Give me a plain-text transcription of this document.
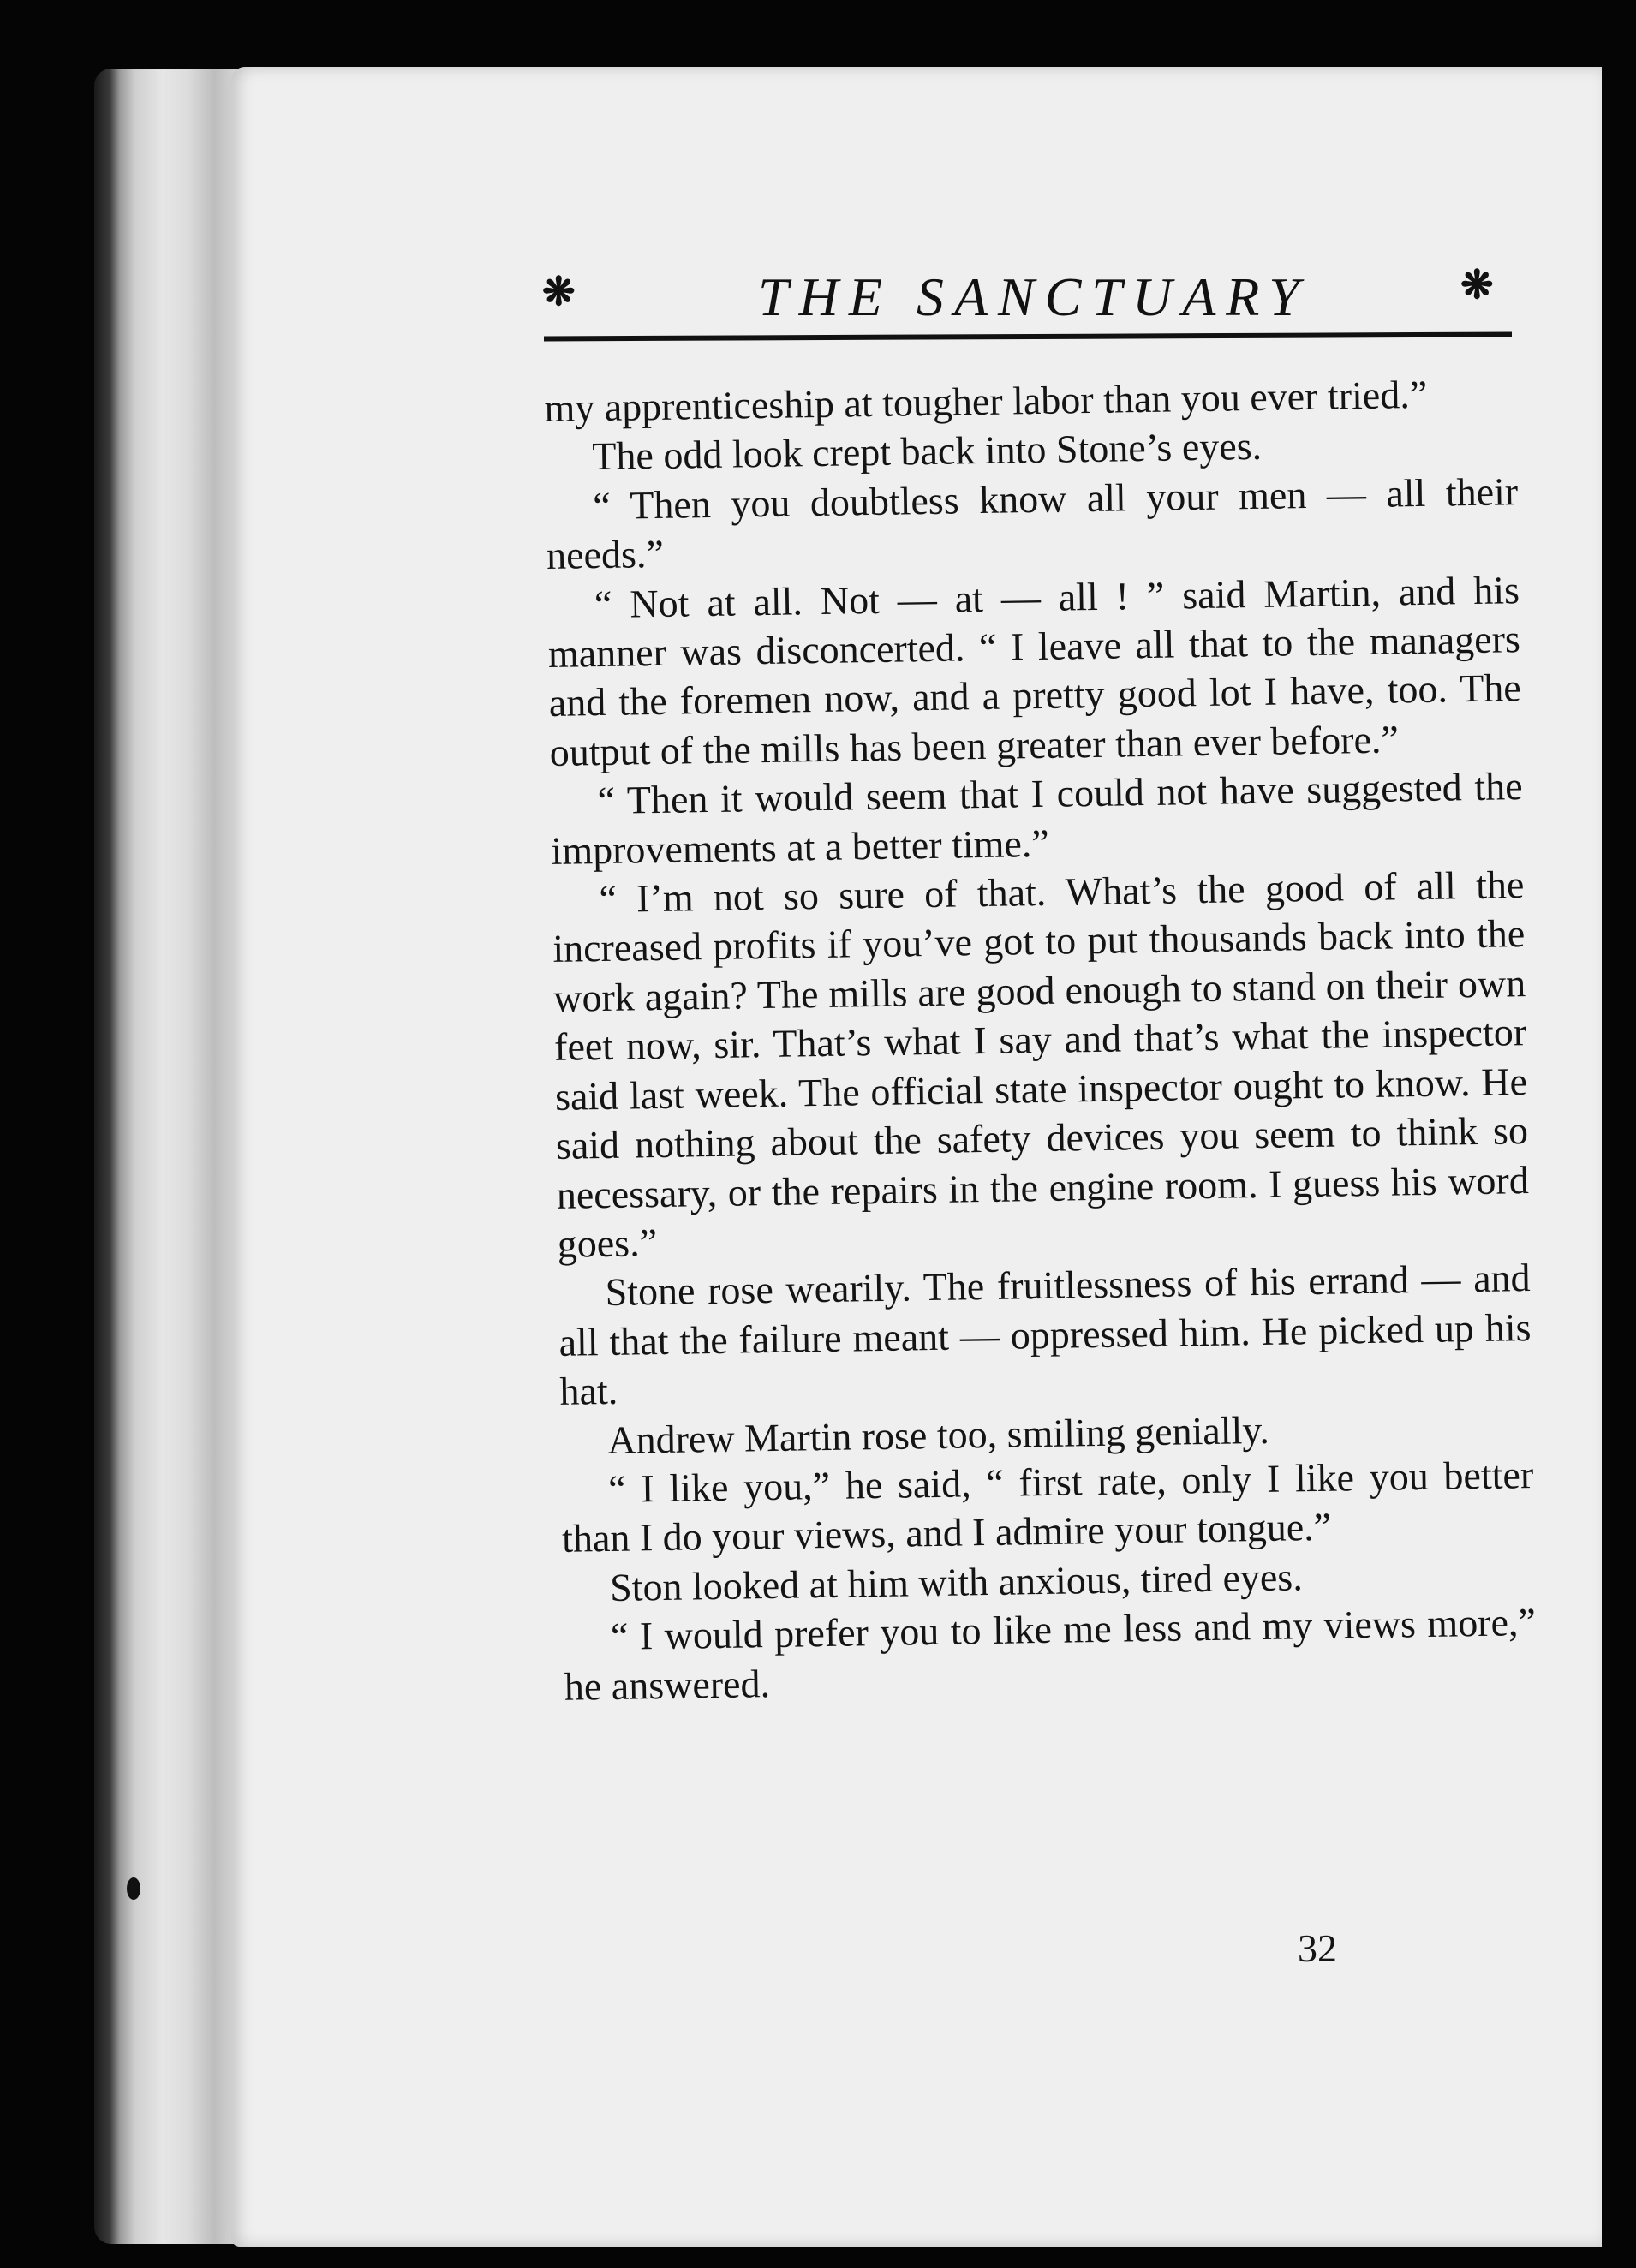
❋	THE SANCTUARY	❋

my apprenticeship at tougher labor than you ever tried.”

The odd look crept back into Stone’s eyes.

“ Then you doubtless know all your men — all their needs.”

“ Not at all. Not — at — all ! ” said Martin, and his manner was disconcerted. “ I leave all that to the managers and the foremen now, and a pretty good lot I have, too. The output of the mills has been greater than ever before.”

“ Then it would seem that I could not have suggested the improvements at a better time.”

“ I’m not so sure of that. What’s the good of all the increased profits if you’ve got to put thousands back into the work again? The mills are good enough to stand on their own feet now, sir. That’s what I say and that’s what the inspector said last week. The official state inspector ought to know. He said nothing about the safety devices you seem to think so necessary, or the repairs in the engine room. I guess his word goes.”

Stone rose wearily. The fruitlessness of his errand — and all that the failure meant — oppressed him. He picked up his hat.

Andrew Martin rose too, smiling genially.

“ I like you,” he said, “ first rate, only I like you better than I do your views, and I admire your tongue.”

Ston looked at him with anxious, tired eyes.

“ I would prefer you to like me less and my views more,” he answered.

32
